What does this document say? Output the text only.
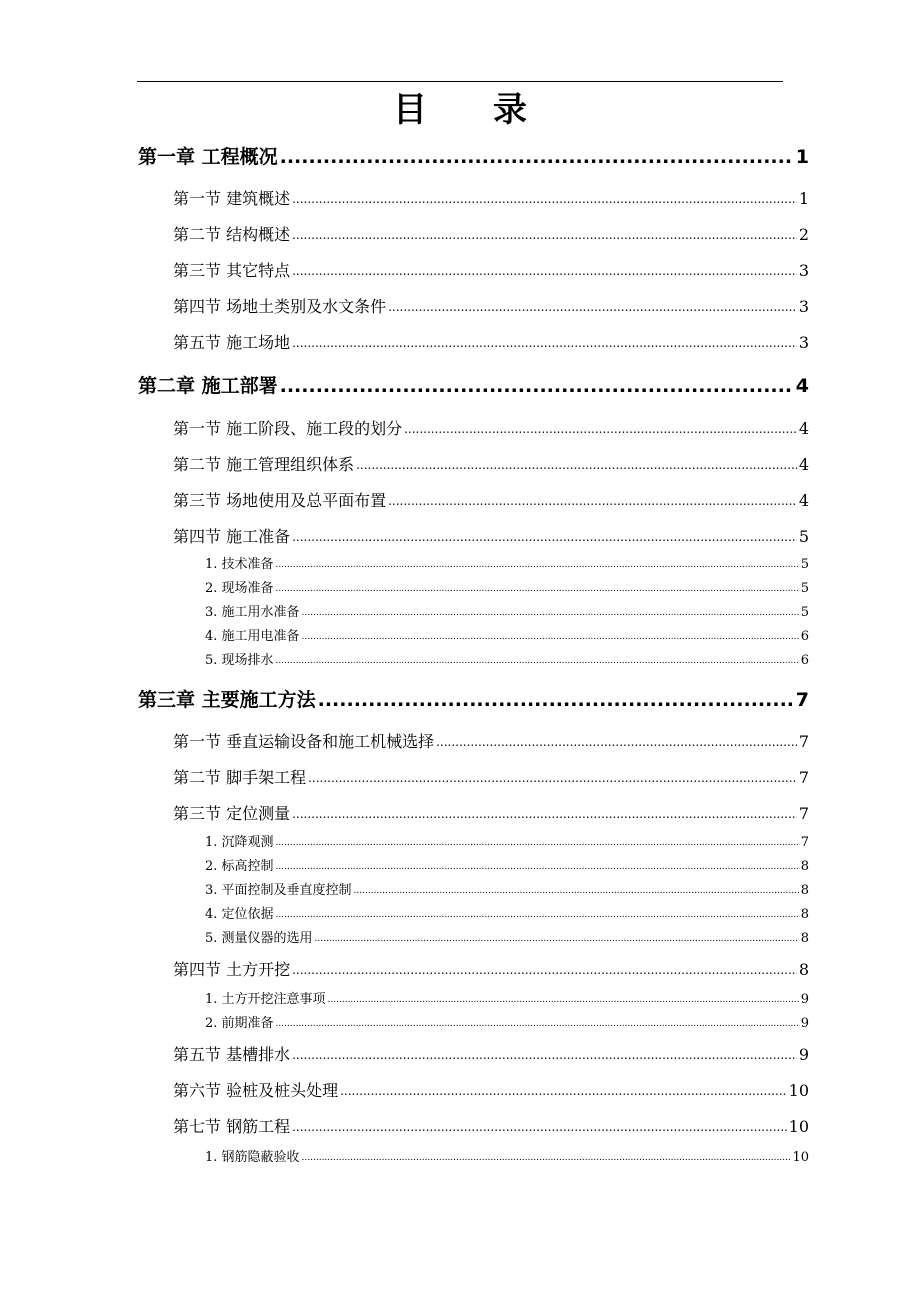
目 录
第一章 工程概况 .....	1
第一节 建筑概述 .....	1
第二节 结构概述 .....	2
第三节 其它特点 .....	3
第四节 场地土类别及水文条件 .....	3
第五节 施工场地 .....	3
第二章 施工部署 .....	4
第一节 施工阶段、施工段的划分 .....	4
第二节 施工管理组织体系 .....	4
第三节 场地使用及总平面布置 .....	4
第四节 施工准备 .....	5
1. 技术准备 .....	5
2. 现场准备 .....	5
3. 施工用水准备 .....	5
4. 施工用电准备 .....	6
5. 现场排水 .....	6
第三章 主要施工方法 .....	7
第一节 垂直运输设备和施工机械选择 .....	7
第二节 脚手架工程 .....	7
第三节 定位测量 .....	7
1. 沉降观测 .....	7
2. 标高控制 .....	8
3. 平面控制及垂直度控制 .....	8
4. 定位依据 .....	8
5. 测量仪器的选用 .....	8
第四节 土方开挖 .....	8
1. 土方开挖注意事项 .....	9
2. 前期准备 .....	9
第五节 基槽排水 .....	9
第六节 验桩及桩头处理 .....	10
第七节 钢筋工程 .....	10
1. 钢筋隐蔽验收 .....	10
